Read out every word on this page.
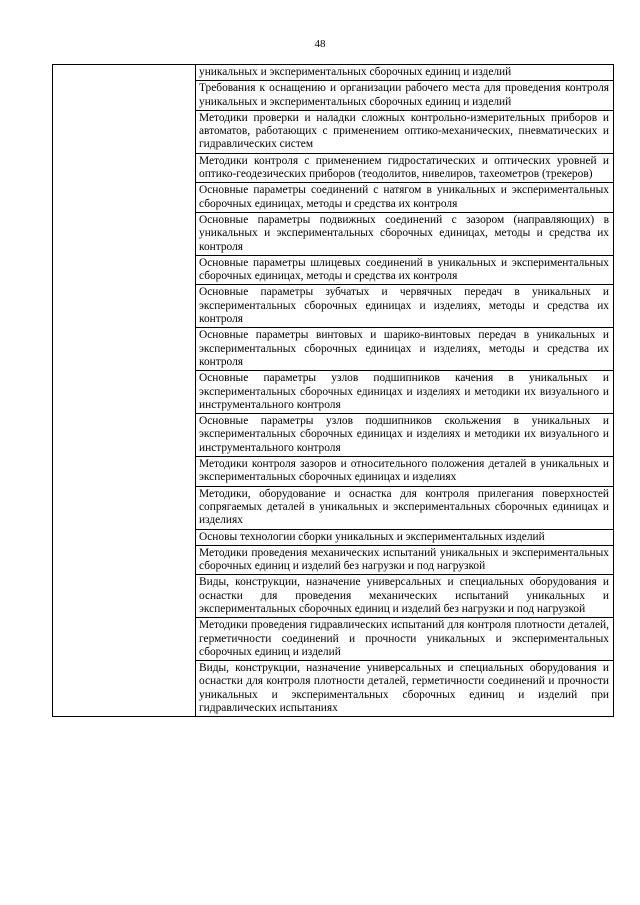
48

уникальных и экспериментальных сборочных единиц и изделий

Требования к оснащению и организации рабочего места для проведения контроля уникальных и экспериментальных сборочных единиц и изделий

Методики проверки и наладки сложных контрольно-измерительных приборов и автоматов, работающих с применением оптико-механических, пневматических и гидравлических систем

Методики контроля с применением гидростатических и оптических уровней и оптико-геодезических приборов (теодолитов, нивелиров, тахеометров (трекеров)

Основные параметры соединений с натягом в уникальных и экспериментальных сборочных единицах, методы и средства их контроля

Основные параметры подвижных соединений с зазором (направляющих) в уникальных и экспериментальных сборочных единицах, методы и средства их контроля

Основные параметры шлицевых соединений в уникальных и экспериментальных сборочных единицах, методы и средства их контроля

Основные параметры зубчатых и червячных передач в уникальных и экспериментальных сборочных единицах и изделиях, методы и средства их контроля

Основные параметры винтовых и шарико-винтовых передач в уникальных и экспериментальных сборочных единицах и изделиях, методы и средства их контроля

Основные параметры узлов подшипников качения в уникальных и экспериментальных сборочных единицах и изделиях и методики их визуального и инструментального контроля

Основные параметры узлов подшипников скольжения в уникальных и экспериментальных сборочных единицах и изделиях и методики их визуального и инструментального контроля

Методики контроля зазоров и относительного положения деталей в уникальных и экспериментальных сборочных единицах и изделиях

Методики, оборудование и оснастка для контроля прилегания поверхностей сопрягаемых деталей в уникальных и экспериментальных сборочных единицах и изделиях

Основы технологии сборки уникальных и экспериментальных изделий

Методики проведения механических испытаний уникальных и экспериментальных сборочных единиц и изделий без нагрузки и под нагрузкой

Виды, конструкции, назначение универсальных и специальных оборудования и оснастки для проведения механических испытаний уникальных и экспериментальных сборочных единиц и изделий без нагрузки и под нагрузкой

Методики проведения гидравлических испытаний для контроля плотности деталей, герметичности соединений и прочности уникальных и экспериментальных сборочных единиц и изделий

Виды, конструкции, назначение универсальных и специальных оборудования и оснастки для контроля плотности деталей, герметичности соединений и прочности уникальных и экспериментальных сборочных единиц и изделий при гидравлических испытаниях
